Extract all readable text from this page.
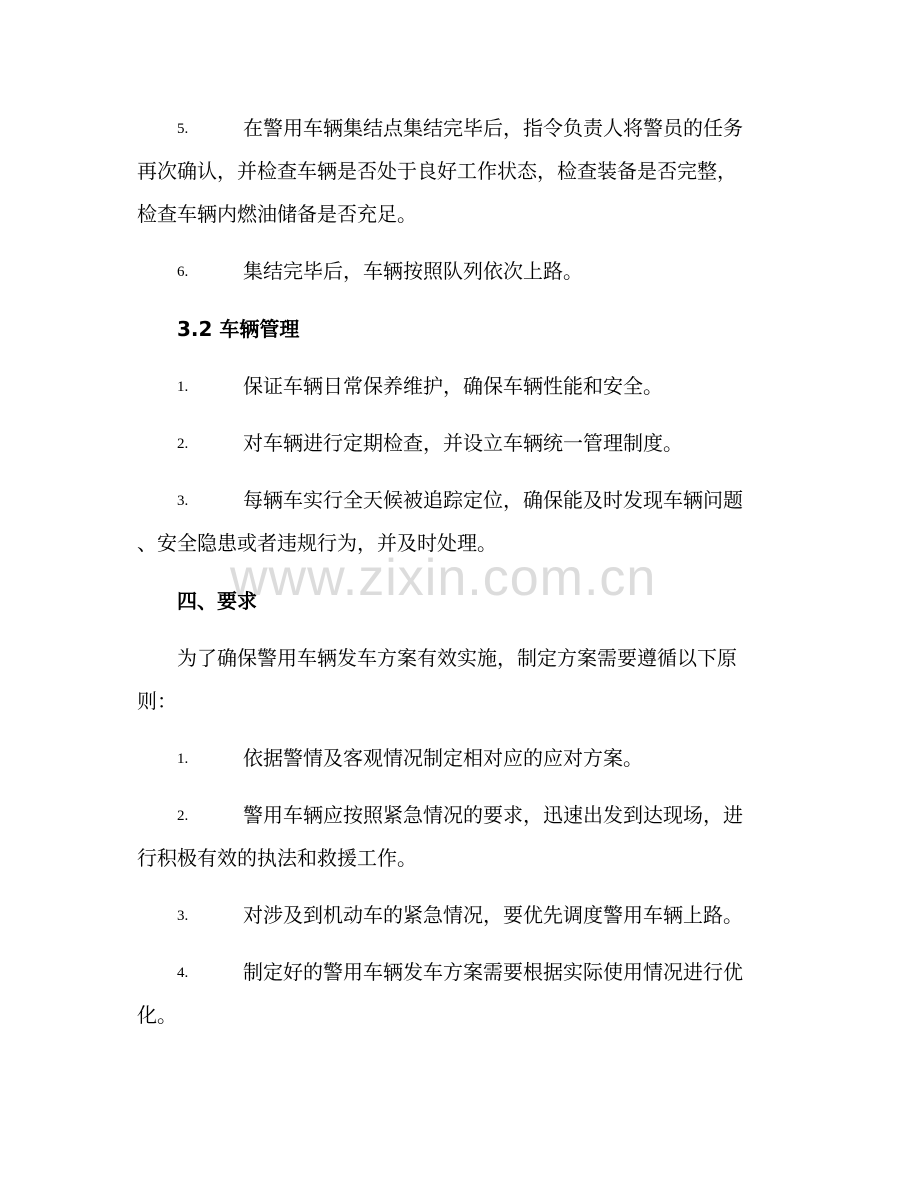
www.zixin.com.cn
5.	在警用车辆集结点集结完毕后，指令负责人将警员的任务
再次确认，并检查车辆是否处于良好工作状态，检查装备是否完整，
检查车辆内燃油储备是否充足。
6.	集结完毕后，车辆按照队列依次上路。
3.2 车辆管理
1.	保证车辆日常保养维护，确保车辆性能和安全。
2.	对车辆进行定期检查，并设立车辆统一管理制度。
3.	每辆车实行全天候被追踪定位，确保能及时发现车辆问题
、安全隐患或者违规行为，并及时处理。
四、要求
为了确保警用车辆发车方案有效实施，制定方案需要遵循以下原
则：
1.	依据警情及客观情况制定相对应的应对方案。
2.	警用车辆应按照紧急情况的要求，迅速出发到达现场，进
行积极有效的执法和救援工作。
3.	对涉及到机动车的紧急情况，要优先调度警用车辆上路。
4.	制定好的警用车辆发车方案需要根据实际使用情况进行优
化。
